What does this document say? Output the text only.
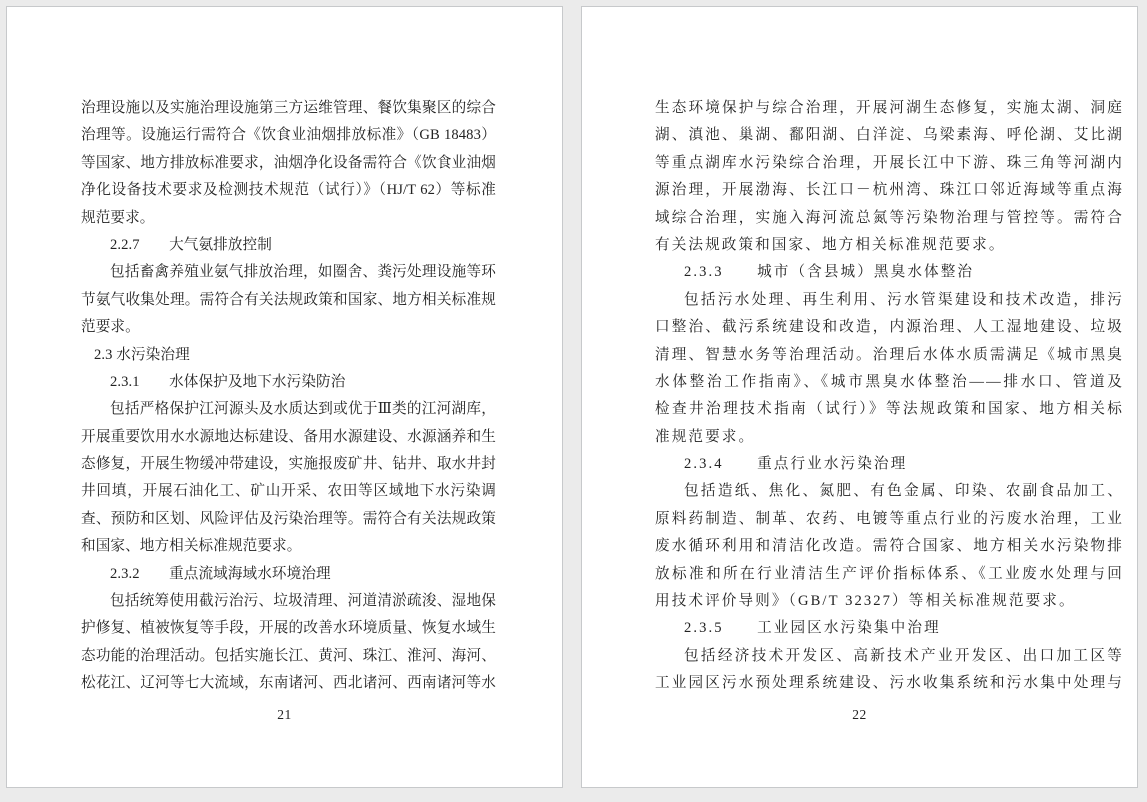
治理设施以及实施治理设施第三方运维管理、餐饮集聚区的综合
治理等。设施运行需符合《饮食业油烟排放标准》（GB 18483）
等国家、地方排放标准要求，油烟净化设备需符合《饮食业油烟
净化设备技术要求及检测技术规范（试行）》（HJ/T 62）等标准
规范要求。
2.2.7　　大气氨排放控制
包括畜禽养殖业氨气排放治理，如圈舍、粪污处理设施等环
节氨气收集处理。需符合有关法规政策和国家、地方相关标准规
范要求。
2.3 水污染治理
2.3.1　　水体保护及地下水污染防治
包括严格保护江河源头及水质达到或优于Ⅲ类的江河湖库，
开展重要饮用水水源地达标建设、备用水源建设、水源涵养和生
态修复，开展生物缓冲带建设，实施报废矿井、钻井、取水井封
井回填，开展石油化工、矿山开采、农田等区域地下水污染调
查、预防和区划、风险评估及污染治理等。需符合有关法规政策
和国家、地方相关标准规范要求。
2.3.2　　重点流域海域水环境治理
包括统筹使用截污治污、垃圾清理、河道清淤疏浚、湿地保
护修复、植被恢复等手段，开展的改善水环境质量、恢复水域生
态功能的治理活动。包括实施长江、黄河、珠江、淮河、海河、
松花江、辽河等七大流域，东南诸河、西北诸河、西南诸河等水
21
生态环境保护与综合治理，开展河湖生态修复，实施太湖、洞庭
湖、滇池、巢湖、鄱阳湖、白洋淀、乌梁素海、呼伦湖、艾比湖
等重点湖库水污染综合治理，开展长江中下游、珠三角等河湖内
源治理，开展渤海、长江口－杭州湾、珠江口邻近海域等重点海
域综合治理，实施入海河流总氮等污染物治理与管控等。需符合
有关法规政策和国家、地方相关标准规范要求。
2.3.3　　城市（含县城）黑臭水体整治
包括污水处理、再生利用、污水管渠建设和技术改造，排污
口整治、截污系统建设和改造，内源治理、人工湿地建设、垃圾
清理、智慧水务等治理活动。治理后水体水质需满足《城市黑臭
水体整治工作指南》、《城市黑臭水体整治——排水口、管道及
检查井治理技术指南（试行）》等法规政策和国家、地方相关标
准规范要求。
2.3.4　　重点行业水污染治理
包括造纸、焦化、氮肥、有色金属、印染、农副食品加工、
原料药制造、制革、农药、电镀等重点行业的污废水治理，工业
废水循环利用和清洁化改造。需符合国家、地方相关水污染物排
放标准和所在行业清洁生产评价指标体系、《工业废水处理与回
用技术评价导则》（GB/T 32327）等相关标准规范要求。
2.3.5　　工业园区水污染集中治理
包括经济技术开发区、高新技术产业开发区、出口加工区等
工业园区污水预处理系统建设、污水收集系统和污水集中处理与
22
